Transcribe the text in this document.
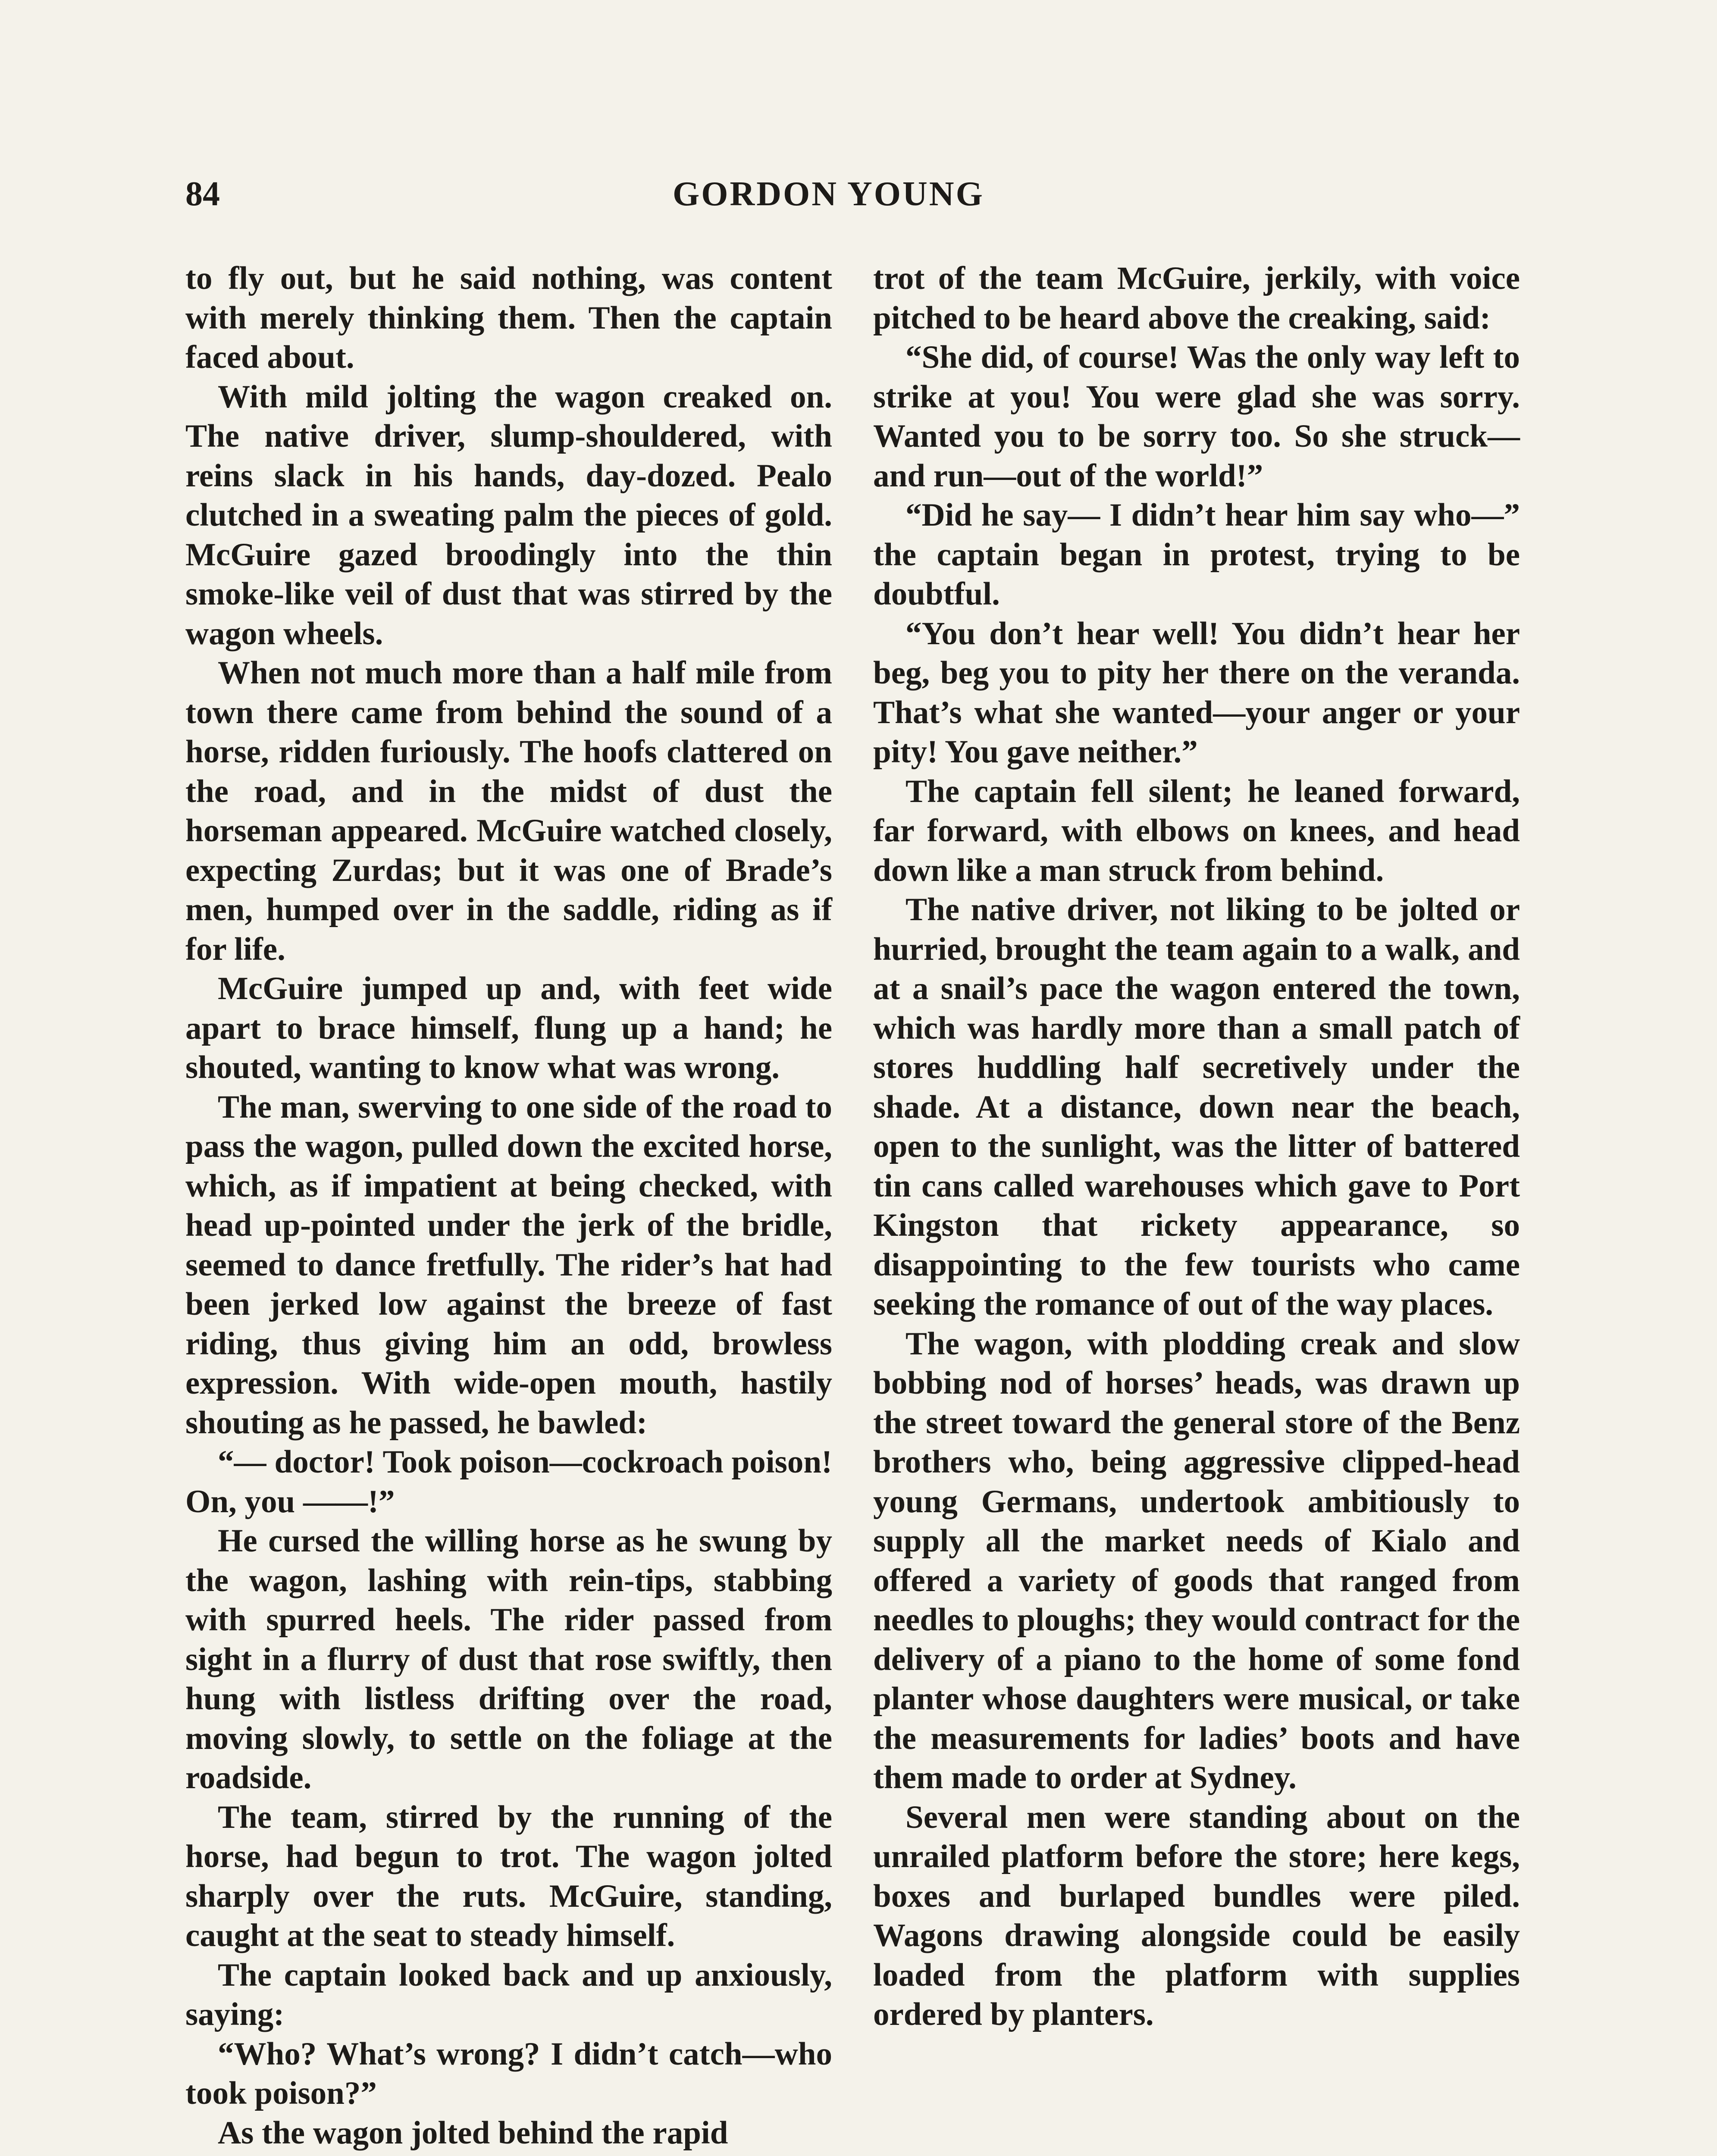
84	GORDON YOUNG

to fly out, but he said nothing, was content with merely thinking them. Then the captain faced about.

With mild jolting the wagon creaked on. The native driver, slump-shouldered, with reins slack in his hands, day-dozed. Pealo clutched in a sweating palm the pieces of gold. McGuire gazed broodingly into the thin smoke-like veil of dust that was stirred by the wagon wheels.

When not much more than a half mile from town there came from behind the sound of a horse, ridden furiously. The hoofs clattered on the road, and in the midst of dust the horseman appeared. McGuire watched closely, expecting Zurdas; but it was one of Brade’s men, humped over in the saddle, riding as if for life.

McGuire jumped up and, with feet wide apart to brace himself, flung up a hand; he shouted, wanting to know what was wrong.

The man, swerving to one side of the road to pass the wagon, pulled down the excited horse, which, as if impatient at being checked, with head up-pointed under the jerk of the bridle, seemed to dance fretfully. The rider’s hat had been jerked low against the breeze of fast riding, thus giving him an odd, browless expression. With wide-open mouth, hastily shouting as he passed, he bawled:

“— doctor! Took poison—cockroach poison! On, you ——!”

He cursed the willing horse as he swung by the wagon, lashing with rein-tips, stabbing with spurred heels. The rider passed from sight in a flurry of dust that rose swiftly, then hung with listless drifting over the road, moving slowly, to settle on the foliage at the roadside.

The team, stirred by the running of the horse, had begun to trot. The wagon jolted sharply over the ruts. McGuire, standing, caught at the seat to steady himself.

The captain looked back and up anxiously, saying:

“Who? What’s wrong? I didn’t catch—who took poison?”

As the wagon jolted behind the rapid

trot of the team McGuire, jerkily, with voice pitched to be heard above the creaking, said:

“She did, of course! Was the only way left to strike at you! You were glad she was sorry. Wanted you to be sorry too. So she struck—and run—out of the world!”

“Did he say— I didn’t hear him say who—” the captain began in protest, trying to be doubtful.

“You don’t hear well! You didn’t hear her beg, beg you to pity her there on the veranda. That’s what she wanted—your anger or your pity! You gave neither.”

The captain fell silent; he leaned forward, far forward, with elbows on knees, and head down like a man struck from behind.

The native driver, not liking to be jolted or hurried, brought the team again to a walk, and at a snail’s pace the wagon entered the town, which was hardly more than a small patch of stores huddling half secretively under the shade. At a distance, down near the beach, open to the sunlight, was the litter of battered tin cans called warehouses which gave to Port Kingston that rickety appearance, so disappointing to the few tourists who came seeking the romance of out of the way places.

The wagon, with plodding creak and slow bobbing nod of horses’ heads, was drawn up the street toward the general store of the Benz brothers who, being aggressive clipped-head young Germans, undertook ambitiously to supply all the market needs of Kialo and offered a variety of goods that ranged from needles to ploughs; they would contract for the delivery of a piano to the home of some fond planter whose daughters were musical, or take the measurements for ladies’ boots and have them made to order at Sydney.

Several men were standing about on the unrailed platform before the store; here kegs, boxes and burlaped bundles were piled. Wagons drawing alongside could be easily loaded from the platform with supplies ordered by planters.
